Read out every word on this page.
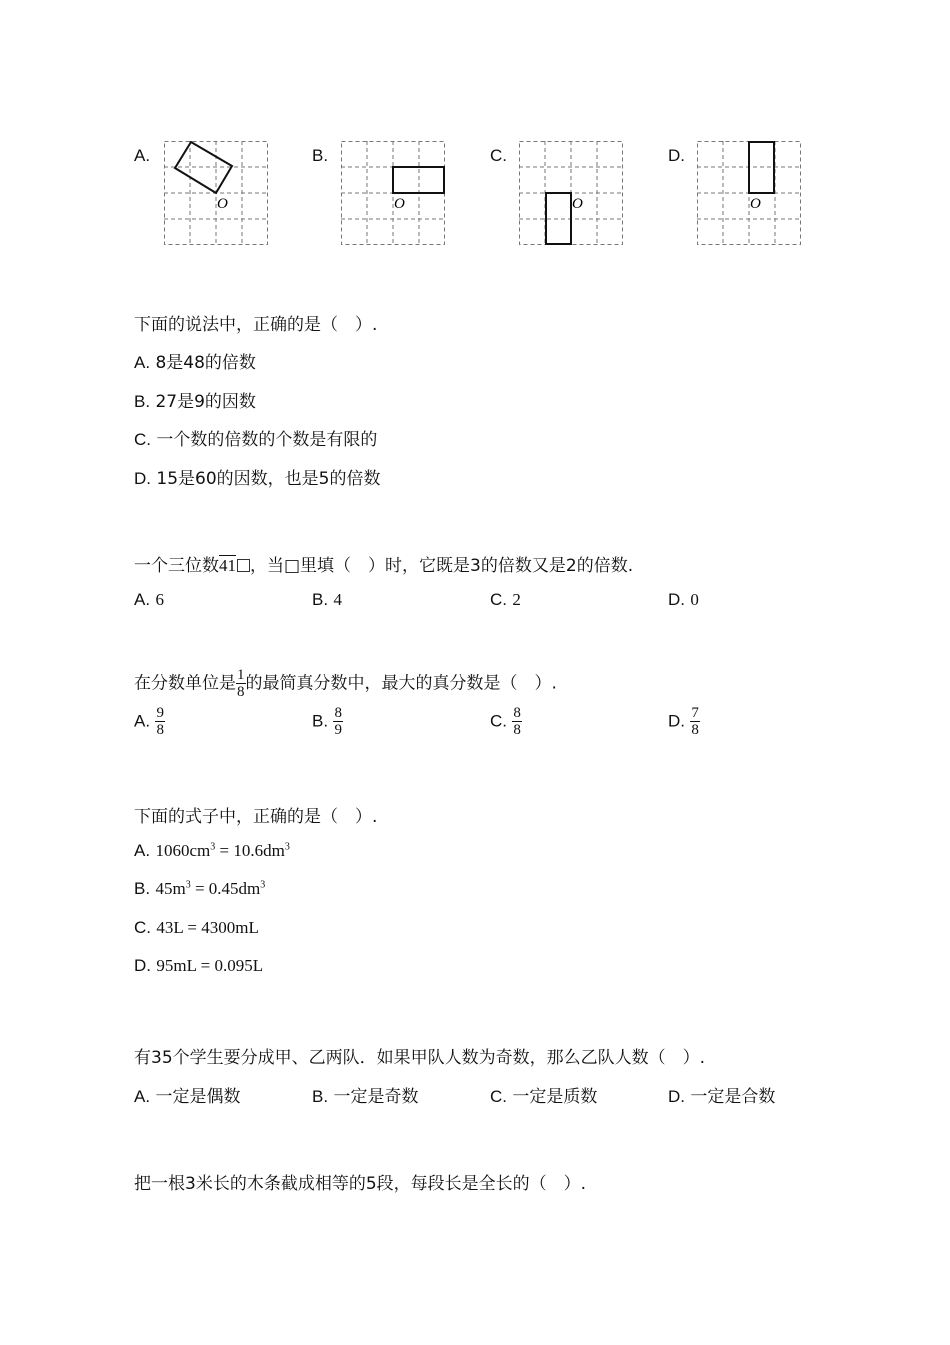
A.	B.	C.	D.
O	O	O	O
下面的说法中，正确的是（　）.
A. 8是48的倍数
B. 27是9的因数
C. 一个数的倍数的个数是有限的
D. 15是60的因数，也是5的倍数
一个三位数41 ，当□里填（　）时，它既是3的倍数又是2的倍数.
A. 6	B. 4	C. 2	D. 0
在分数单位是 $\frac{1}{8}$ 的最简真分数中，最大的真分数是（　）.
A. $\frac{9}{8}$	B. $\frac{8}{9}$	C. $\frac{8}{8}$	D. $\frac{7}{8}$
下面的式子中，正确的是（　）.
A. $1060cm^3 = 10.6dm^3$
B. $45m^3 = 0.45dm^3$
C. 43L = 4300mL
D. 95mL = 0.095L
有35个学生要分成甲、乙两队．如果甲队人数为奇数，那么乙队人数（　）.
A. 一定是偶数	B. 一定是奇数	C. 一定是质数	D. 一定是合数
把一根3米长的木条截成相等的5段，每段长是全长的（　）.
